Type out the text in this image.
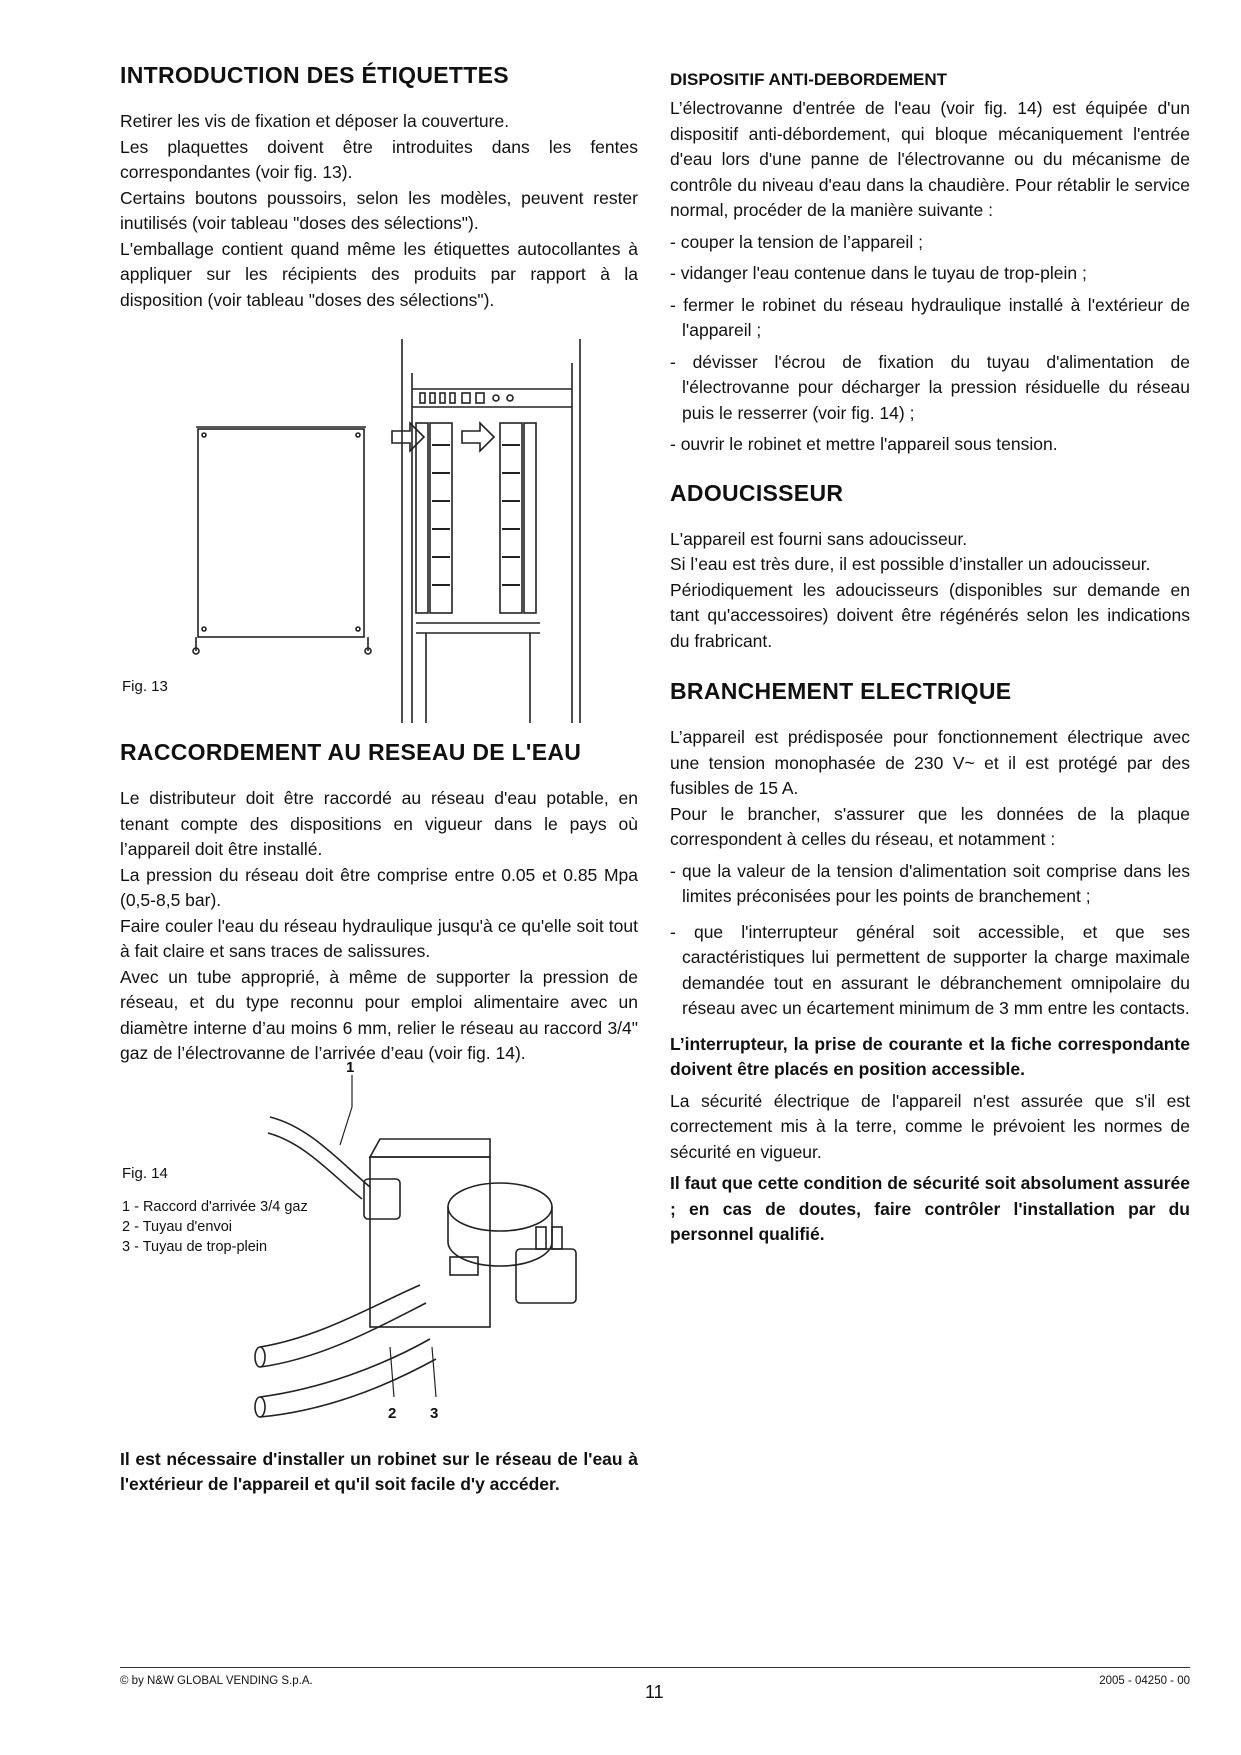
INTRODUCTION DES ÉTIQUETTES

Retirer les vis de fixation et déposer la couverture.

Les plaquettes doivent être introduites dans les fentes correspondantes (voir fig. 13).

Certains boutons poussoirs, selon les modèles, peuvent rester inutilisés (voir tableau "doses des sélections").

L'emballage contient quand même les étiquettes autocollantes à appliquer sur les récipients des produits par rapport à la disposition (voir tableau "doses des sélections").

Fig. 13
RACCORDEMENT AU RESEAU DE L'EAU

Le distributeur doit être raccordé au réseau d'eau potable, en tenant compte des dispositions en vigueur dans le pays où l’appareil doit être installé.

La pression du réseau doit être comprise entre 0.05 et 0.85 Mpa (0,5-8,5 bar).

Faire couler l'eau du réseau hydraulique jusqu'à ce qu'elle soit tout à fait claire et sans traces de salissures.

Avec un tube approprié, à même de supporter la pression de réseau, et du type reconnu pour emploi alimentaire avec un diamètre interne d’au moins 6 mm, relier le réseau au raccord 3/4" gaz de l’électrovanne de l’arrivée d’eau (voir fig. 14).

1
2 3
Fig. 14
1 - Raccord d'arrivée 3/4 gaz
2 - Tuyau d'envoi
3 - Tuyau de trop-plein

Il est nécessaire d'installer un robinet sur le réseau de l'eau à l'extérieur de l'appareil et qu'il soit facile d'y accéder.

DISPOSITIF ANTI-DEBORDEMENT

L’électrovanne d'entrée de l'eau (voir fig. 14) est équipée d'un dispositif anti-débordement, qui bloque mécaniquement l'entrée d'eau lors d'une panne de l'électrovanne ou du mécanisme de contrôle du niveau d'eau dans la chaudière. Pour rétablir le service normal, procéder de la manière suivante :

- couper la tension de l’appareil ;

- vidanger l'eau contenue dans le tuyau de trop-plein ;

- fermer le robinet du réseau hydraulique installé à l'extérieur de l'appareil ;

- dévisser l'écrou de fixation du tuyau d'alimentation de l'électrovanne pour décharger la pression résiduelle du réseau puis le resserrer (voir fig. 14) ;

- ouvrir le robinet et mettre l'appareil sous tension.

ADOUCISSEUR

L'appareil est fourni sans adoucisseur.

Si l’eau est très dure, il est possible d’installer un adoucisseur.

Périodiquement les adoucisseurs (disponibles sur demande en tant qu'accessoires) doivent être régénérés selon les indications du frabricant.

BRANCHEMENT ELECTRIQUE

L’appareil est prédisposée pour fonctionnement électrique avec une tension monophasée de 230 V~ et il est protégé par des fusibles de 15 A.

Pour le brancher, s'assurer que les données de la plaque correspondent à celles du réseau, et notamment :

- que la valeur de la tension d'alimentation soit comprise dans les limites préconisées pour les points de branchement ;

- que l'interrupteur général soit accessible, et que ses caractéristiques lui permettent de supporter la charge maximale demandée tout en assurant le débranchement omnipolaire du réseau avec un écartement minimum de 3 mm entre les contacts.

L’interrupteur, la prise de courante et la fiche correspondante doivent être placés en position accessible.

La sécurité électrique de l'appareil n'est assurée que s'il est correctement mis à la terre, comme le prévoient les normes de sécurité en vigueur.

Il faut que cette condition de sécurité soit absolument assurée ; en cas de doutes, faire contrôler l'installation par du personnel qualifié.

© by N&W GLOBAL VENDING S.p.A.
11
2005 - 04250 - 00
